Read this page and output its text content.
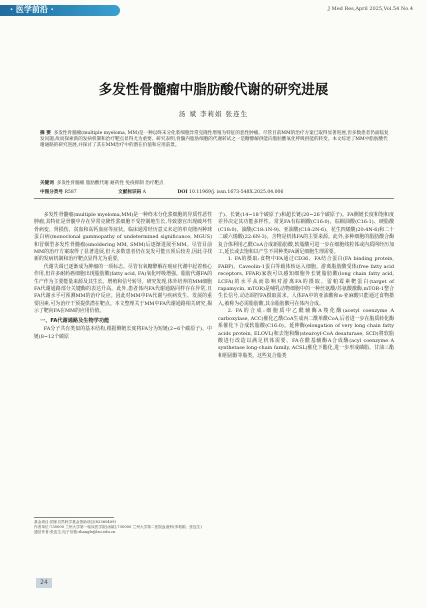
· 医学前沿 ·	J Med Res,April 2025,Vol.54 No.4
多发性骨髓瘤中脂肪酸代谢的研究进展
汤 斌 李莉娟 张连生
摘 要 多发性骨髓瘤(multiple myeloma, MM)是一种以终末分化浆细胞异常克隆性增殖为特征的恶性肿瘤。尽管目前MM的治疗方案已取得显著进展,但多数患者仍面临复发问题,故而探索新的发病机制和治疗靶点显得尤为重要。研究表明,骨髓内脂肪细胞的代谢转试之一是糖酵解供能向脂肪酸氧化呼吸供能的转变。本文综述了MM中脂肪酸代谢通路的研究进展,并探讨了其在MM治疗中的潜在价值和应用前景。
关键词 多发性骨髓瘤 脂肪酸代谢 耐药性 免疫抑制 治疗靶点
中图分类号 R587	文献标识码 A	DOI 10.11969/j. issn.1673-548X.2025.04.006

多发性骨髓瘤(multiple myeloma,MM)是一种终末分化浆细胞的异质性恶性肿瘤,其特征是骨髓中存在异常克隆性浆细胞不受控制地生长,导致器官出现破坏性骨病变、肾损伤、贫血和高钙血症等症状。临床通常经历意义未定的单克隆丙种球蛋白病(monoclonal gammopathy of undetermined significance, MGUS)和冒烟型多发性骨髓瘤(smoldering MM, SMM)后逐渐进展至MM。尽管目前MM的治疗方案取得了显著进展,但大多数患者仍在复发可能且预后较差,因此寻找新的发病机制和治疗靶点显得尤为重要。

代谢失调已逐渐成为肿瘤的一项标志。尽管有氧糖酵解在癌症代谢中起着核心作用,但许多耐药癌细胞出现脂肪酸(fatty acid, FA)氧化呼吸增强。脂肪代谢FA的生产作为主要能量来源及其生长、增殖和信号转导。研究发现,体外培养的MM细胞FA代谢通路部分关键酶的表达升高。此外,患者体内FA代谢通路同样存在异常,且FA代谢水平可预测MM的治疗反应。因此对MM中FA代谢与疾病发生、发展的重要因素,可为治疗干预提供潜在靶点。本文整理关于MM中FA代谢通路相关研究,揭示了靶向FA在MM的应用价值。

一、FA代谢通路及生物学功能

FA分子共有类似的基本结构,根据侧链长度将FA分为短链(2~6个碳原子)、中链(8~12个碳原

基金项目:国家自然科学基金资助项目(82360409)
作者单位:730000 兰州大学第一临床医学院(汤斌);730000 兰州大学第二医院血液科(李莉娟、张连生)
通信作者:张连生,电子信箱:zhangls@lzu.edu.cn

子)、长链(14~18个碳原子)和超长链(20~26个碳原子)。FA侧链长度和饱和度差异决定其功能多样性。常见FA有棕榈酸(C16:0)、棕榈油酸(C16:1)、硬脂酸(C18:0)、油酸(C18:1N-9)、亚油酸(C18:2N-6)、花生四烯酸(20:4N-6)和二十二碳六烯酸(22:6N-3)。含物是机体FA的主要来源。此外,多种细胞的脂肪酸合酶复合体利用乙酰CoA合成新脂肪酸,软脂酸可进一步在细胞线粒体或内质网经历加工,延长或去饱和以产生不同种类FA满足细胞生理需要。

1. FA的摄取:食物中FA通过CD36、FA结合蛋白(FA binding protein, FABP)、Caveolin-1蛋白等载体转运入细胞。游离脂肪酸受体(free fatty acid receptors, FFAR)家族可以感知细胞外长链脂肪酸(long chain fatty acid, LCFA)的水平从而影响对游离FA的摄取。雷帕霉素靶蛋白(target of rapamycin, mTOR)是哺乳动物细胞中的一种丝氨酸/苏氨酸激酶,mTOR-1整合生长信号,动态调控FA摄取需求。人体FA中的亚油酸和α-亚麻酸只能通过食物摄入,被称为必需脂肪酸,其余脂肪酸可在体内合成。

2. FA的合成:细胞质中乙酰辅酶A羧化酶(acetyl coenzyme A carboxylase, ACC)催化乙酰CoA生成丙二酰单酰CoA,后者进一步在脂质转化酶系催化下合成软脂酸(C16:0)。延伸酶(elongation of very long chain fatty acids protein, ELOVL)和去饱和酶(stearoyl-CoA desaturase, SCD)将软脂酸进行改造以满足机体需要。FA在酰基辅酶A合成酶(acyl coenzyme A synthetase long-chain family, ACSL)催化下酯化,进一步形成磷脂、甘油三酯和胆固醇等脂类。这些复合脂类

24
